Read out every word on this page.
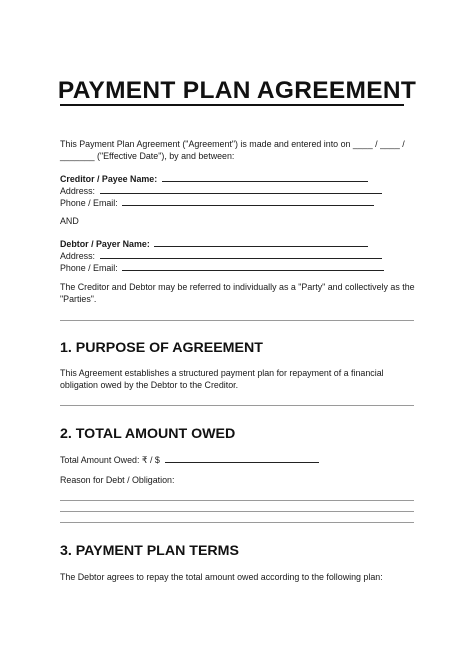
PAYMENT PLAN AGREEMENT
This Payment Plan Agreement ("Agreement") is made and entered into on ____ / ____ /
_______ ("Effective Date"), by and between:
Creditor / Payee Name:
Address:
Phone / Email:
AND
Debtor / Payer Name:
Address:
Phone / Email:
The Creditor and Debtor may be referred to individually as a "Party" and collectively as the
"Parties".
1. PURPOSE OF AGREEMENT
This Agreement establishes a structured payment plan for repayment of a financial
obligation owed by the Debtor to the Creditor.
2. TOTAL AMOUNT OWED
Total Amount Owed: ₹ / $
Reason for Debt / Obligation:
3. PAYMENT PLAN TERMS
The Debtor agrees to repay the total amount owed according to the following plan:
